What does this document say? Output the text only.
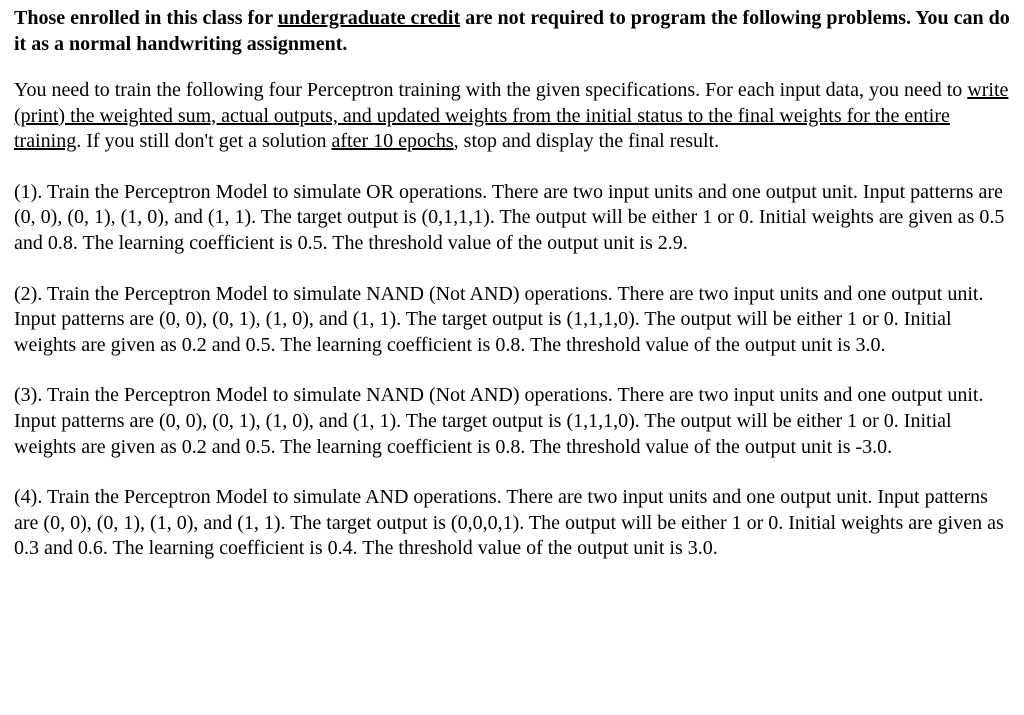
Those enrolled in this class for undergraduate credit are not required to program the following problems. You can do it as a normal handwriting assignment.

You need to train the following four Perceptron training with the given specifications. For each input data, you need to write (print) the weighted sum, actual outputs, and updated weights from the initial status to the final weights for the entire training. If you still don't get a solution after 10 epochs, stop and display the final result.

(1). Train the Perceptron Model to simulate OR operations. There are two input units and one output unit. Input patterns are (0, 0), (0, 1), (1, 0), and (1, 1). The target output is (0,1,1,1). The output will be either 1 or 0. Initial weights are given as 0.5 and 0.8. The learning coefficient is 0.5. The threshold value of the output unit is 2.9.

(2). Train the Perceptron Model to simulate NAND (Not AND) operations. There are two input units and one output unit. Input patterns are (0, 0), (0, 1), (1, 0), and (1, 1). The target output is (1,1,1,0). The output will be either 1 or 0. Initial weights are given as 0.2 and 0.5. The learning coefficient is 0.8. The threshold value of the output unit is 3.0.

(3). Train the Perceptron Model to simulate NAND (Not AND) operations. There are two input units and one output unit. Input patterns are (0, 0), (0, 1), (1, 0), and (1, 1). The target output is (1,1,1,0). The output will be either 1 or 0. Initial weights are given as 0.2 and 0.5. The learning coefficient is 0.8. The threshold value of the output unit is -3.0.

(4). Train the Perceptron Model to simulate AND operations. There are two input units and one output unit. Input patterns are (0, 0), (0, 1), (1, 0), and (1, 1). The target output is (0,0,0,1). The output will be either 1 or 0. Initial weights are given as 0.3 and 0.6. The learning coefficient is 0.4. The threshold value of the output unit is 3.0.
